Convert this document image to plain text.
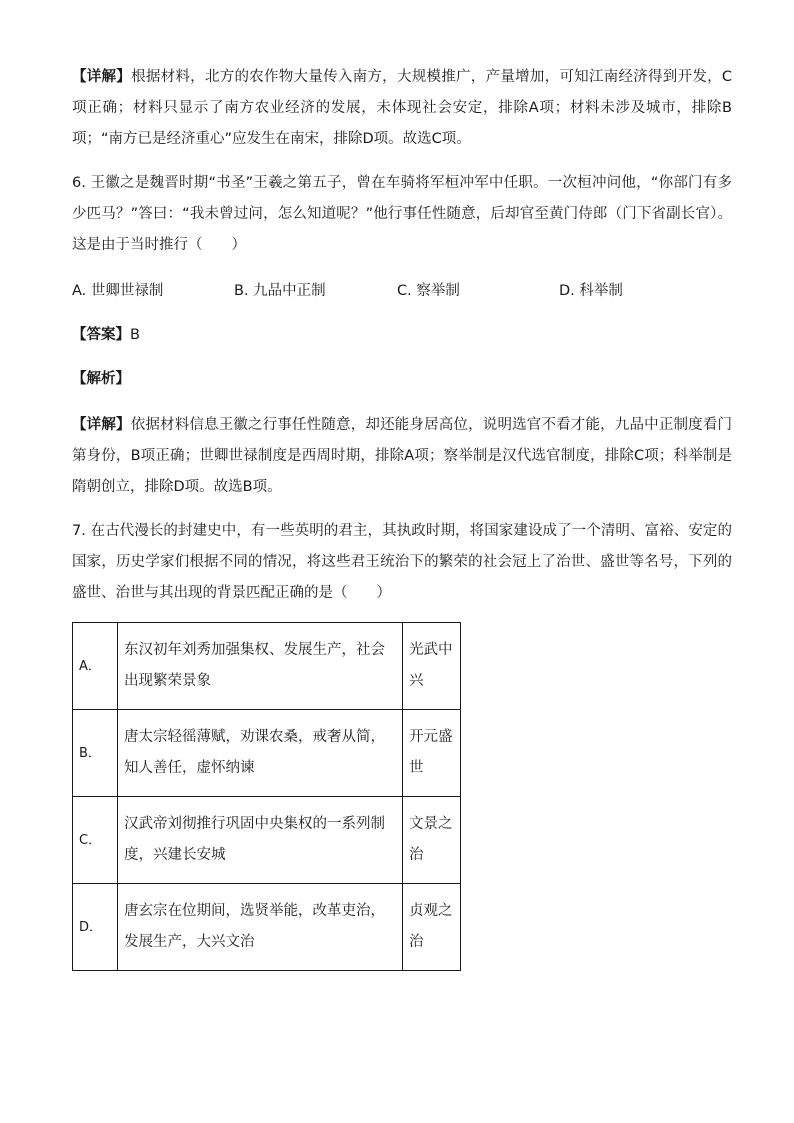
【详解】根据材料，北方的农作物大量传入南方，大规模推广，产量增加，可知江南经济得到开发，C项正确；材料只显示了南方农业经济的发展，未体现社会安定，排除A项；材料未涉及城市，排除B项；“南方已是经济重心”应发生在南宋，排除D项。故选C项。

6. 王徽之是魏晋时期“书圣”王羲之第五子，曾在车骑将军桓冲军中任职。一次桓冲问他，“你部门有多少匹马？”答曰：“我未曾过问，怎么知道呢？”他行事任性随意，后却官至黄门侍郎（门下省副长官）。这是由于当时推行（　　）

A. 世卿世禄制	B. 九品中正制	C. 察举制	D. 科举制

【答案】B

【解析】

【详解】依据材料信息王徽之行事任性随意，却还能身居高位，说明选官不看才能，九品中正制度看门第身份，B项正确；世卿世禄制度是西周时期，排除A项；察举制是汉代选官制度，排除C项；科举制是隋朝创立，排除D项。故选B项。

7. 在古代漫长的封建史中，有一些英明的君主，其执政时期，将国家建设成了一个清明、富裕、安定的国家，历史学家们根据不同的情况，将这些君王统治下的繁荣的社会冠上了治世、盛世等名号，下列的盛世、治世与其出现的背景匹配正确的是（　　）

A．	东汉初年刘秀加强集权、发展生产，社会出现繁荣景象	光武中兴
B．	唐太宗轻徭薄赋，劝课农桑，戒奢从简，知人善任，虚怀纳谏	开元盛世
C．	汉武帝刘彻推行巩固中央集权的一系列制度，兴建长安城	文景之治
D．	唐玄宗在位期间，选贤举能，改革吏治，发展生产，大兴文治	贞观之治
